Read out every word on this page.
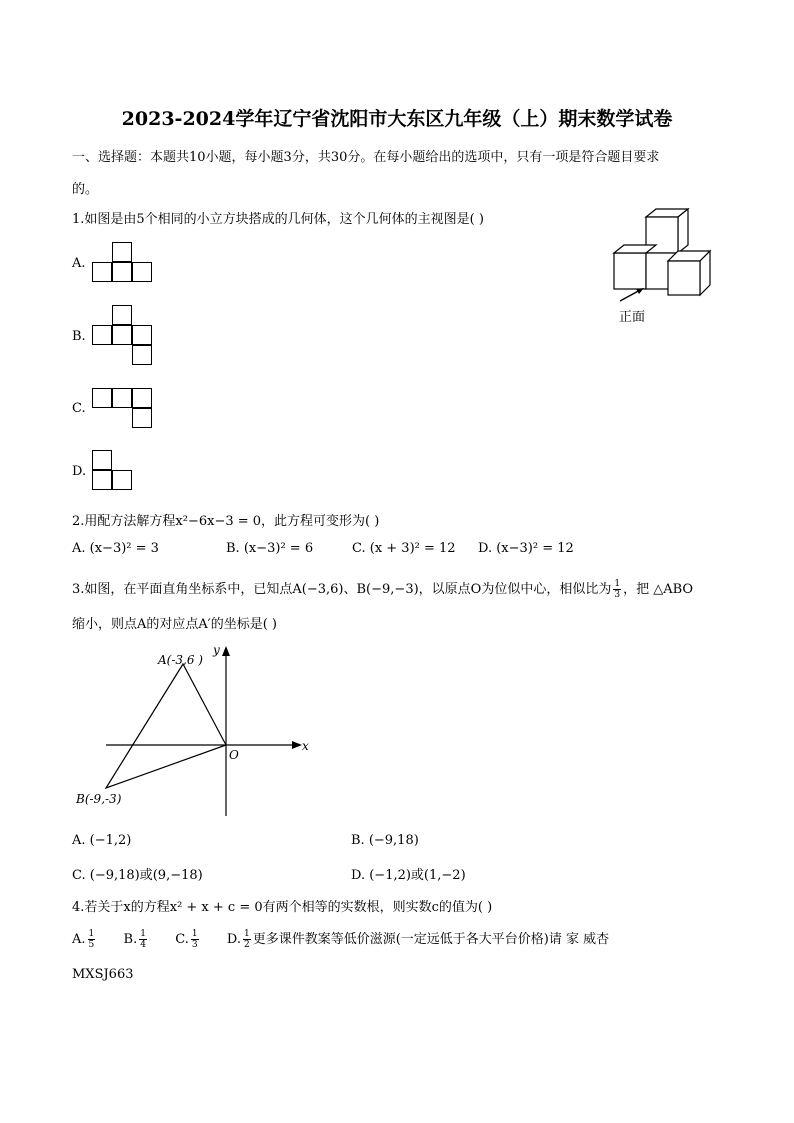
2023-2024学年辽宁省沈阳市大东区九年级（上）期末数学试卷
一、选择题：本题共10小题，每小题3分，共30分。在每小题给出的选项中，只有一项是符合题目要求
的。
1.如图是由5个相同的小立方块搭成的几何体，这个几何体的主视图是( )
正面
A.
B.
C.
D.
2.用配方法解方程x²−6x−3 = 0，此方程可变形为( )
A. (x−3)² = 3	B. (x−3)² = 6	C. (x + 3)² = 12 D. (x−3)² = 12
3.如图，在平面直角坐标系中，已知点A(−3,6)、B(−9,−3)，以原点O为位似中心，相似比为 $\frac{1}{3}$ ，把 △ABO
缩小，则点A的对应点A′的坐标是( )
A(-3,6 )
B(-9,-3)
O
x
y
A. (−1,2)	B. (−9,18)
C. (−9,18)或(9,−18)	D. (−1,2)或(1,−2)
4.若关于x的方程x² + x + c = 0有两个相等的实数根，则实数c的值为( )
A. $\frac{1}{5} B$. $\frac{1}{4} C$. $\frac{1}{3} D$. $\frac{1}{2}$ 更多课件教案等低价滋源(一定远低于各大平台价格)请 家 威杏
MXSJ663
